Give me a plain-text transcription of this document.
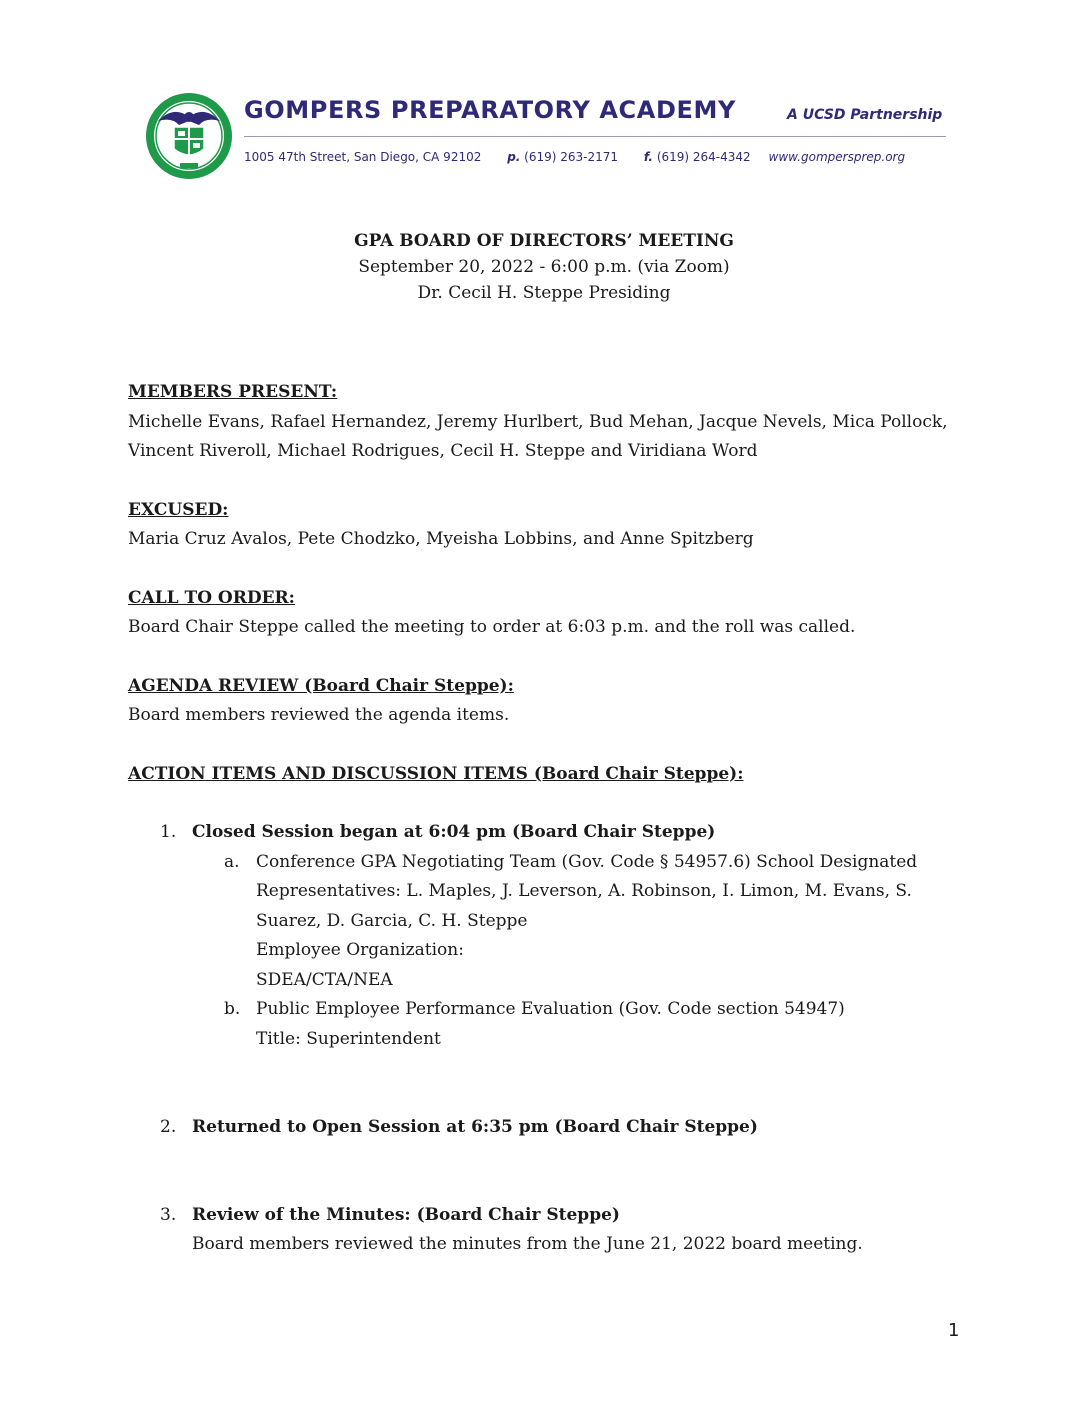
GOMPERS PREPARATORY ACADEMY	A UCSD Partnership
1005 47th Street, San Diego, CA 92102 p. (619) 263-2171 f. (619) 264-4342 www.gompersprep.org
GPA BOARD OF DIRECTORS’ MEETING
September 20, 2022 - 6:00 p.m. (via Zoom)
Dr. Cecil H. Steppe Presiding
MEMBERS PRESENT:

Michelle Evans, Rafael Hernandez, Jeremy Hurlbert, Bud Mehan, Jacque Nevels, Mica Pollock, Vincent Riveroll, Michael Rodrigues, Cecil H. Steppe and Viridiana Word

EXCUSED:

Maria Cruz Avalos, Pete Chodzko, Myeisha Lobbins, and Anne Spitzberg

CALL TO ORDER:

Board Chair Steppe called the meeting to order at 6:03 p.m. and the roll was called.

AGENDA REVIEW (Board Chair Steppe):

Board members reviewed the agenda items.

ACTION ITEMS AND DISCUSSION ITEMS (Board Chair Steppe):
1. Closed Session began at 6:04 pm (Board Chair Steppe)
a. Conference GPA Negotiating Team (Gov. Code § 54957.6) School Designated Representatives: L. Maples, J. Leverson, A. Robinson, I. Limon, M. Evans, S. Suarez, D. Garcia, C. H. Steppe
Employee Organization:
SDEA/CTA/NEA
b. Public Employee Performance Evaluation (Gov. Code section 54947)
Title: Superintendent
2. Returned to Open Session at 6:35 pm (Board Chair Steppe)
3. Review of the Minutes: (Board Chair Steppe)

Board members reviewed the minutes from the June 21, 2022 board meeting.

1
